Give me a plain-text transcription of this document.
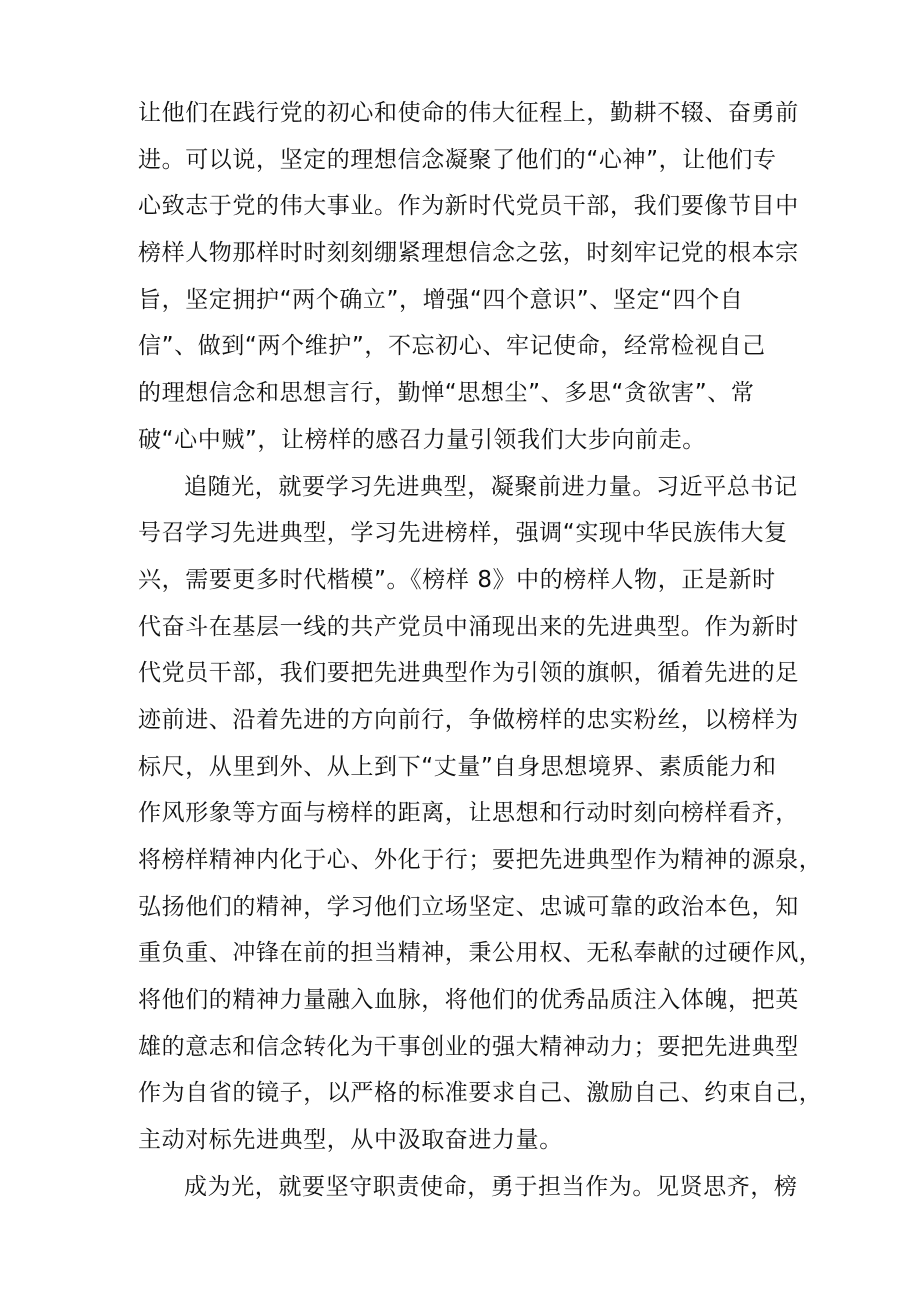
让他们在践行党的初心和使命的伟大征程上，勤耕不辍、奋勇前
进。可以说，坚定的理想信念凝聚了他们的“心神”，让他们专
心致志于党的伟大事业。作为新时代党员干部，我们要像节目中
榜样人物那样时时刻刻绷紧理想信念之弦，时刻牢记党的根本宗
旨，坚定拥护“两个确立”，增强“四个意识”、坚定“四个自
信”、做到“两个维护”，不忘初心、牢记使命，经常检视自己
的理想信念和思想言行，勤惮“思想尘”、多思“贪欲害”、常
破“心中贼”，让榜样的感召力量引领我们大步向前走。
追随光，就要学习先进典型，凝聚前进力量。习近平总书记
号召学习先进典型，学习先进榜样，强调“实现中华民族伟大复
兴，需要更多时代楷模”。《榜样 8》中的榜样人物，正是新时
代奋斗在基层一线的共产党员中涌现出来的先进典型。作为新时
代党员干部，我们要把先进典型作为引领的旗帜，循着先进的足
迹前进、沿着先进的方向前行，争做榜样的忠实粉丝，以榜样为
标尺，从里到外、从上到下“丈量”自身思想境界、素质能力和
作风形象等方面与榜样的距离，让思想和行动时刻向榜样看齐，
将榜样精神内化于心、外化于行；要把先进典型作为精神的源泉，
弘扬他们的精神，学习他们立场坚定、忠诚可靠的政治本色，知
重负重、冲锋在前的担当精神，秉公用权、无私奉献的过硬作风，
将他们的精神力量融入血脉，将他们的优秀品质注入体魄，把英
雄的意志和信念转化为干事创业的强大精神动力；要把先进典型
作为自省的镜子，以严格的标准要求自己、激励自己、约束自己，
主动对标先进典型，从中汲取奋进力量。
成为光，就要坚守职责使命，勇于担当作为。见贤思齐，榜
